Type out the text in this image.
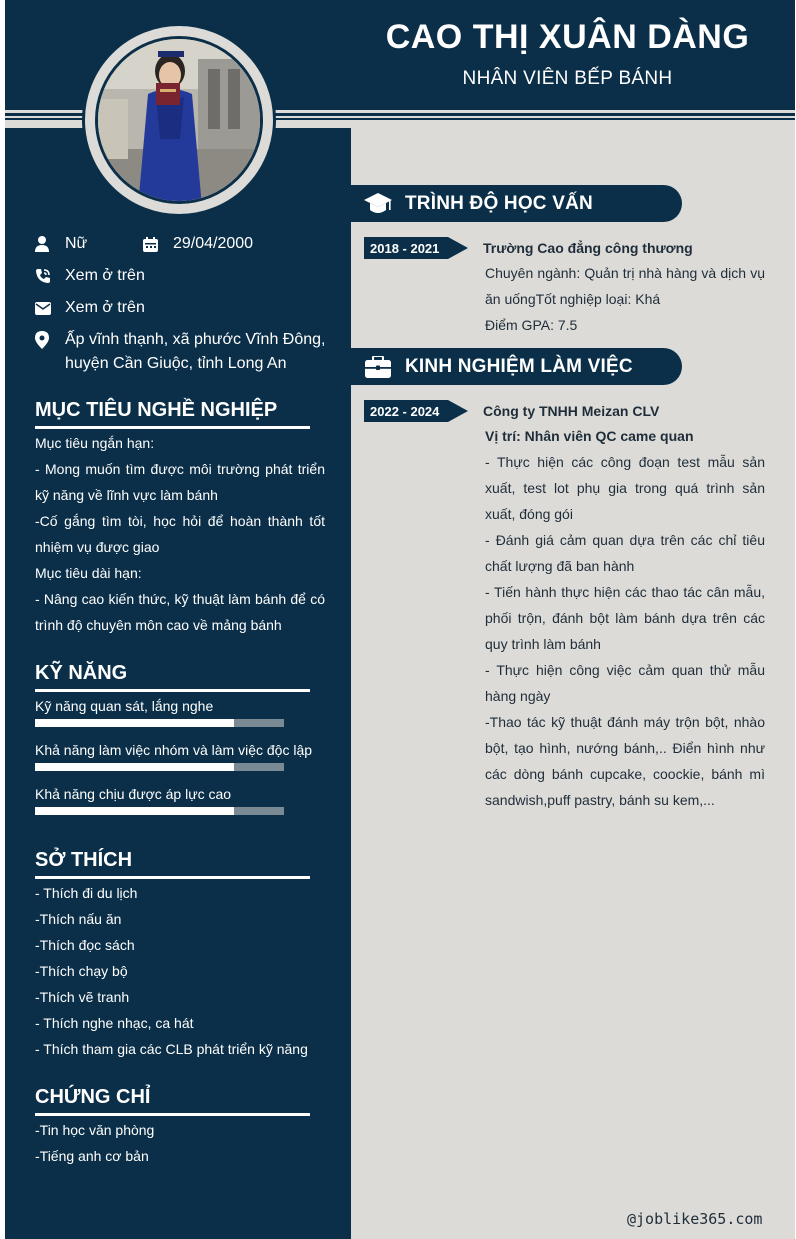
CAO THỊ XUÂN DÀNG
NHÂN VIÊN BẾP BÁNH
Nữ	29/04/2000
Xem ở trên
Xem ở trên
Ấp vĩnh thạnh, xã phước Vĩnh Đông, huyện Cần Giuộc, tỉnh Long An
MỤC TIÊU NGHỀ NGHIỆP
Mục tiêu ngắn hạn:
- Mong muốn tìm được môi trường phát triển kỹ năng về lĩnh vực làm bánh
-Cố gắng tìm tòi, học hỏi để hoàn thành tốt nhiệm vụ được giao
Mục tiêu dài hạn:
- Nâng cao kiến thức, kỹ thuật làm bánh để có trình độ chuyên môn cao về mảng bánh
KỸ NĂNG
Kỹ năng quan sát, lắng nghe
Khả năng làm việc nhóm và làm việc độc lập
Khả năng chịu được áp lực cao
SỞ THÍCH
- Thích đi du lịch
-Thích nấu ăn
-Thích đọc sách
-Thích chạy bộ
-Thích vẽ tranh
- Thích nghe nhạc, ca hát
- Thích tham gia các CLB phát triển kỹ năng
CHỨNG CHỈ
-Tin học văn phòng
-Tiếng anh cơ bản
TRÌNH ĐỘ HỌC VẤN
2018 - 2021	Trường Cao đẳng công thương
Chuyên ngành: Quản trị nhà hàng và dịch vụ ăn uốngTốt nghiệp loại: Khá
Điểm GPA: 7.5
KINH NGHIỆM LÀM VIỆC
2022 - 2024	Công ty TNHH Meizan CLV
Vị trí: Nhân viên QC came quan
- Thực hiện các công đoạn test mẫu sản xuất, test lot phụ gia trong quá trình sản xuất, đóng gói
- Đánh giá cảm quan dựa trên các chỉ tiêu chất lượng đã ban hành
- Tiến hành thực hiện các thao tác cân mẫu, phối trộn, đánh bột làm bánh dựa trên các quy trình làm bánh
- Thực hiện công việc cảm quan thử mẫu hàng ngày
-Thao tác kỹ thuật đánh máy trộn bột, nhào bột, tạo hình, nướng bánh,.. Điển hình như các dòng bánh cupcake, coockie, bánh mì sandwish,puff pastry, bánh su kem,...
@joblike365.com
